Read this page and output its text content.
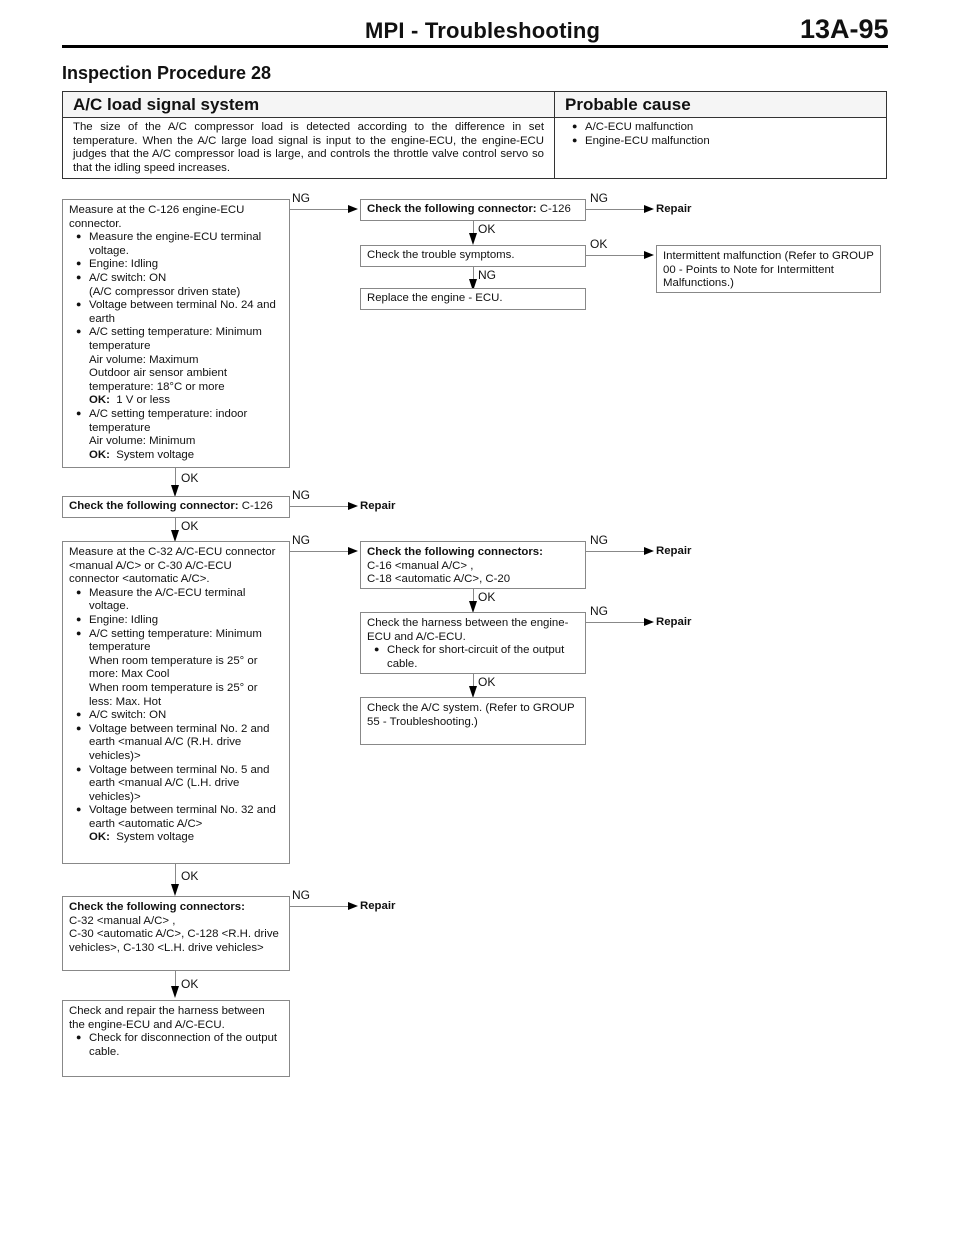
MPI - Troubleshooting	13A-95
Inspection Procedure 28
A/C load signal system	Probable cause
The size of the A/C compressor load is detected according to the difference in set temperature. When the A/C large load signal is input to the engine-ECU, the engine-ECU judges that the A/C compressor load is large, and controls the throttle valve control servo so that the idling speed increases.
● A/C-ECU malfunction
● Engine-ECU malfunction
Measure at the C-126 engine-ECU connector.
● Measure the engine-ECU terminal voltage.
● Engine: Idling
● A/C switch: ON
(A/C compressor driven state)
● Voltage between terminal No. 24 and earth
● A/C setting temperature: Minimum temperature
Air volume: Maximum
Outdoor air sensor ambient temperature: 18°C or more
OK: 1 V or less
● A/C setting temperature: indoor temperature
Air volume: Minimum
OK: System voltage
NG
Check the following connector: C-126
NG
Repair
OK
Check the trouble symptoms.
OK
Intermittent malfunction (Refer to GROUP 00 - Points to Note for Intermittent Malfunctions.)
NG
Replace the engine - ECU.
OK
Check the following connector: C-126
NG
Repair
OK
Measure at the C-32 A/C-ECU connector <manual A/C> or C-30 A/C-ECU connector <automatic A/C>.
● Measure the A/C-ECU terminal voltage.
● Engine: Idling
● A/C setting temperature: Minimum temperature
When room temperature is 25° or more: Max Cool
When room temperature is 25° or less: Max. Hot
● A/C switch: ON
● Voltage between terminal No. 2 and earth <manual A/C (R.H. drive vehicles)>
● Voltage between terminal No. 5 and earth <manual A/C (L.H. drive vehicles)>
● Voltage between terminal No. 32 and earth <automatic A/C>
OK: System voltage
NG
Check the following connectors:
C-16 <manual A/C> ,
C-18 <automatic A/C>, C-20
NG
Repair
OK
Check the harness between the engine-ECU and A/C-ECU.
● Check for short-circuit of the output cable.
NG
Repair
OK
Check the A/C system. (Refer to GROUP 55 - Troubleshooting.)
OK
Check the following connectors:
C-32 <manual A/C> ,
C-30 <automatic A/C>, C-128 <R.H. drive vehicles>, C-130 <L.H. drive vehicles>
NG
Repair
OK
Check and repair the harness between the engine-ECU and A/C-ECU.
● Check for disconnection of the output cable.
